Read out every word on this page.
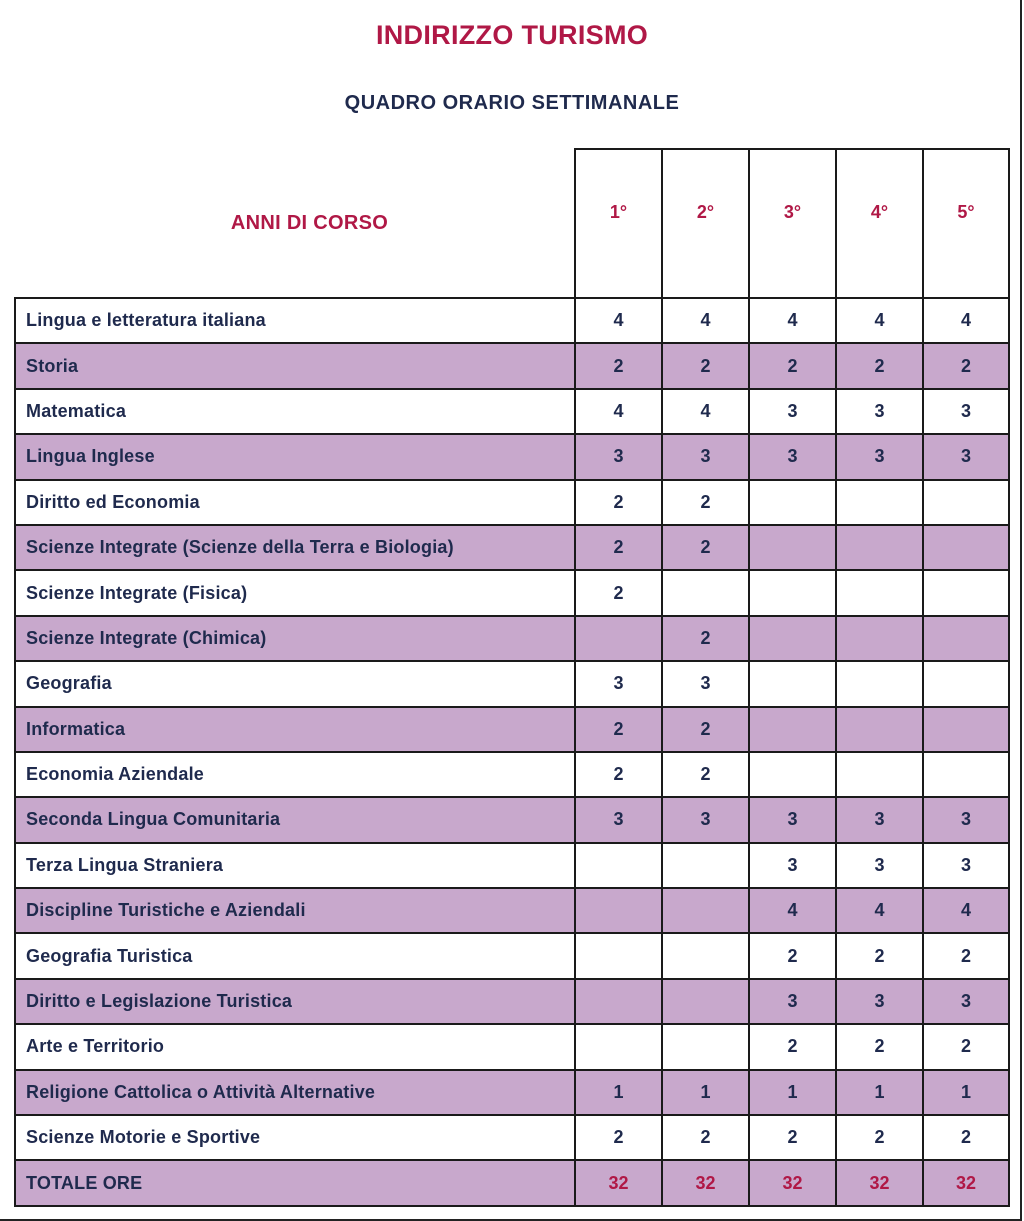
INDIRIZZO TURISMO
QUADRO ORARIO SETTIMANALE
ANNI DI CORSO	1°	2°	3°	4°	5°
Lingua e letteratura italiana	4	4	4	4	4
Storia	2	2	2	2	2
Matematica	4	4	3	3	3
Lingua Inglese	3	3	3	3	3
Diritto ed Economia	2	2			
Scienze Integrate (Scienze della Terra e Biologia)	2	2			
Scienze Integrate (Fisica)	2				
Scienze Integrate (Chimica)		2			
Geografia	3	3			
Informatica	2	2			
Economia Aziendale	2	2			
Seconda Lingua Comunitaria	3	3	3	3	3
Terza Lingua Straniera			3	3	3
Discipline Turistiche e Aziendali			4	4	4
Geografia Turistica			2	2	2
Diritto e Legislazione Turistica			3	3	3
Arte e Territorio			2	2	2
Religione Cattolica o Attività Alternative	1	1	1	1	1
Scienze Motorie e Sportive	2	2	2	2	2
TOTALE ORE	32	32	32	32	32
